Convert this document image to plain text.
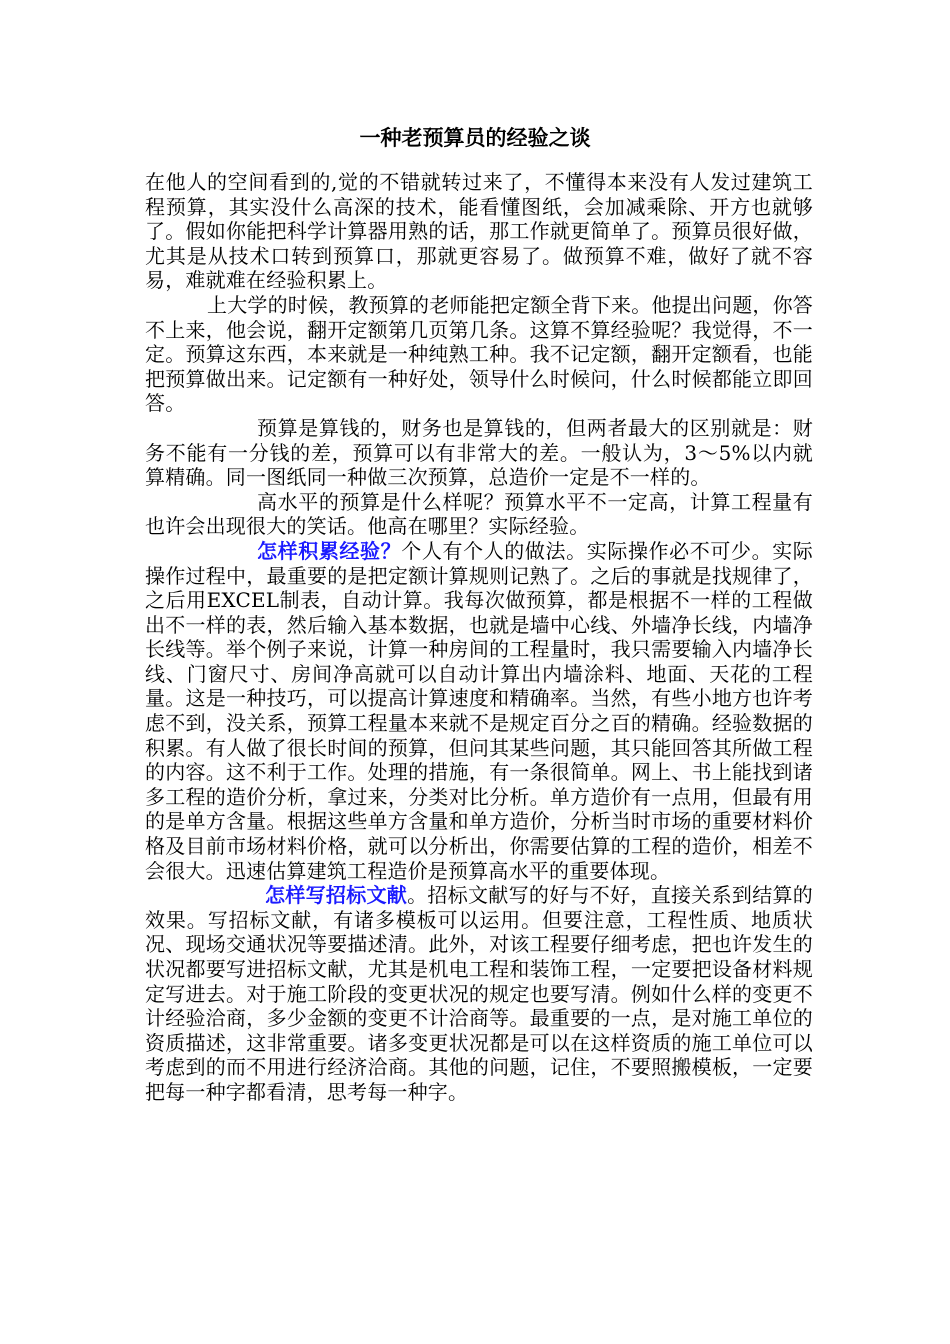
一种老预算员的经验之谈

在他人的空间看到的,觉的不错就转过来了，不懂得本来没有人发过建筑工程预算，其实没什么高深的技术，能看懂图纸，会加减乘除、开方也就够了。假如你能把科学计算器用熟的话，那工作就更简单了。预算员很好做，尤其是从技术口转到预算口，那就更容易了。做预算不难，做好了就不容易，难就难在经验积累上。

上大学的时候，教预算的老师能把定额全背下来。他提出问题，你答不上来，他会说，翻开定额第几页第几条。这算不算经验呢？我觉得，不一定。预算这东西，本来就是一种纯熟工种。我不记定额，翻开定额看，也能把预算做出来。记定额有一种好处，领导什么时候问，什么时候都能立即回答。

预算是算钱的，财务也是算钱的，但两者最大的区别就是：财务不能有一分钱的差，预算可以有非常大的差。一般认为，3～5%以内就算精确。同一图纸同一种做三次预算，总造价一定是不一样的。

高水平的预算是什么样呢？预算水平不一定高，计算工程量有也许会出现很大的笑话。他高在哪里？实际经验。

怎样积累经验？个人有个人的做法。实际操作必不可少。实际操作过程中，最重要的是把定额计算规则记熟了。之后的事就是找规律了，之后用EXCEL制表，自动计算。我每次做预算，都是根据不一样的工程做出不一样的表，然后输入基本数据，也就是墙中心线、外墙净长线，内墙净长线等。举个例子来说，计算一种房间的工程量时，我只需要输入内墙净长线、门窗尺寸、房间净高就可以自动计算出内墙涂料、地面、天花的工程量。这是一种技巧，可以提高计算速度和精确率。当然，有些小地方也许考虑不到，没关系，预算工程量本来就不是规定百分之百的精确。经验数据的积累。有人做了很长时间的预算，但问其某些问题，其只能回答其所做工程的内容。这不利于工作。处理的措施，有一条很简单。网上、书上能找到诸多工程的造价分析，拿过来，分类对比分析。单方造价有一点用，但最有用的是单方含量。根据这些单方含量和单方造价，分析当时市场的重要材料价格及目前市场材料价格，就可以分析出，你需要估算的工程的造价，相差不会很大。迅速估算建筑工程造价是预算高水平的重要体现。

怎样写招标文献。招标文献写的好与不好，直接关系到结算的效果。写招标文献，有诸多模板可以运用。但要注意，工程性质、地质状况、现场交通状况等要描述清。此外，对该工程要仔细考虑，把也许发生的状况都要写进招标文献，尤其是机电工程和装饰工程，一定要把设备材料规定写进去。对于施工阶段的变更状况的规定也要写清。例如什么样的变更不计经验洽商，多少金额的变更不计洽商等。最重要的一点，是对施工单位的资质描述，这非常重要。诸多变更状况都是可以在这样资质的施工单位可以考虑到的而不用进行经济洽商。其他的问题，记住，不要照搬模板，一定要把每一种字都看清，思考每一种字。
